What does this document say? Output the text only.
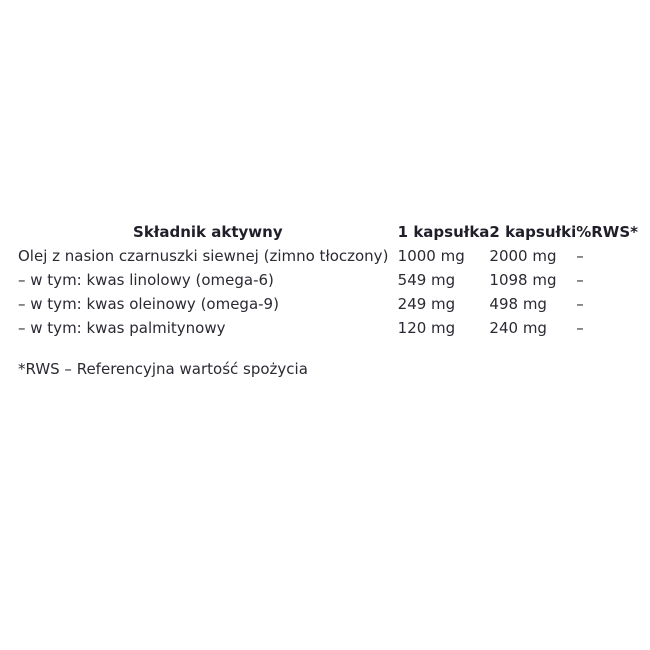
Składnik aktywny	1 kapsułka	2 kapsułki	%RWS*
Olej z nasion czarnuszki siewnej (zimno tłoczony)	1000 mg	2000 mg	–
– w tym: kwas linolowy (omega-6)	549 mg	1098 mg	–
– w tym: kwas oleinowy (omega-9)	249 mg	498 mg	–
– w tym: kwas palmitynowy	120 mg	240 mg	–
*RWS – Referencyjna wartość spożycia
